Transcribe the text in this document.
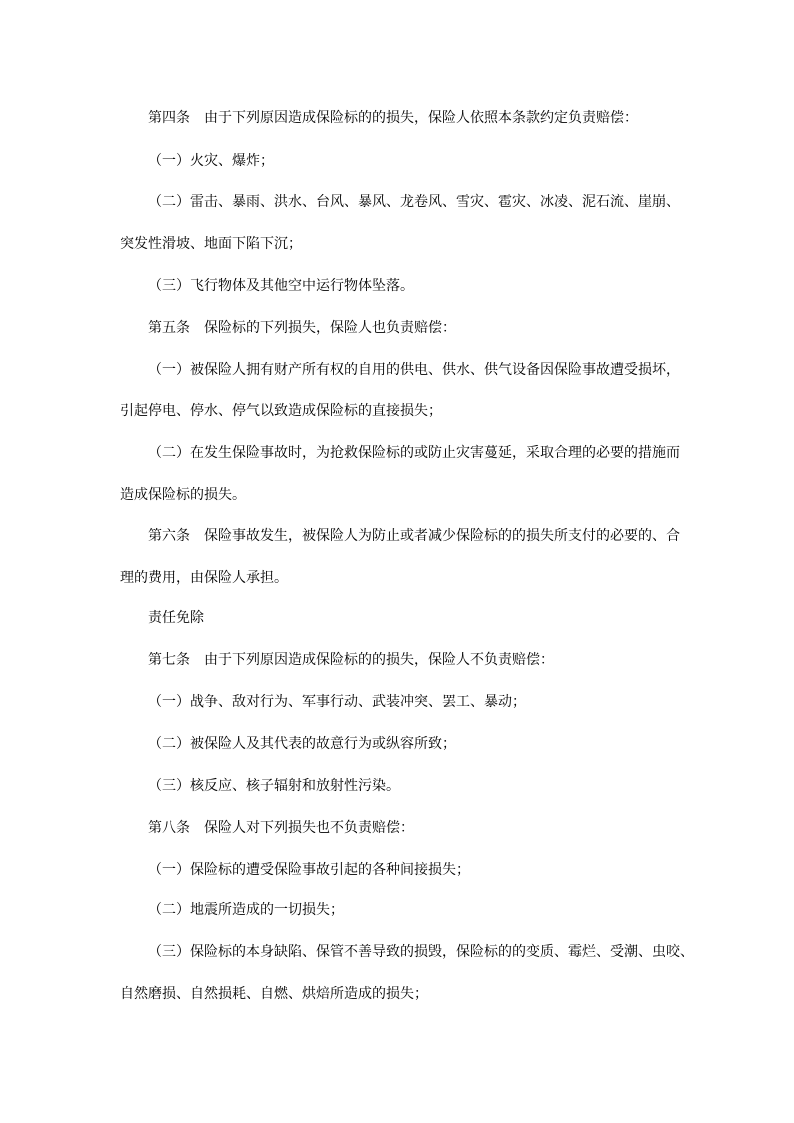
第四条　由于下列原因造成保险标的的损失，保险人依照本条款约定负责赔偿：
（一）火灾、爆炸；
（二）雷击、暴雨、洪水、台风、暴风、龙卷风、雪灾、雹灾、冰凌、泥石流、崖崩、
突发性滑坡、地面下陷下沉；
（三）飞行物体及其他空中运行物体坠落。
第五条　保险标的下列损失，保险人也负责赔偿：
（一）被保险人拥有财产所有权的自用的供电、供水、供气设备因保险事故遭受损坏，
引起停电、停水、停气以致造成保险标的直接损失；
（二）在发生保险事故时，为抢救保险标的或防止灾害蔓延，采取合理的必要的措施而
造成保险标的损失。
第六条　保险事故发生，被保险人为防止或者减少保险标的的损失所支付的必要的、合
理的费用，由保险人承担。
责任免除
第七条　由于下列原因造成保险标的的损失，保险人不负责赔偿：
（一）战争、敌对行为、军事行动、武装冲突、罢工、暴动；
（二）被保险人及其代表的故意行为或纵容所致；
（三）核反应、核子辐射和放射性污染。
第八条　保险人对下列损失也不负责赔偿：
（一）保险标的遭受保险事故引起的各种间接损失；
（二）地震所造成的一切损失；
（三）保险标的本身缺陷、保管不善导致的损毁，保险标的的变质、霉烂、受潮、虫咬、
自然磨损、自然损耗、自燃、烘焙所造成的损失；
